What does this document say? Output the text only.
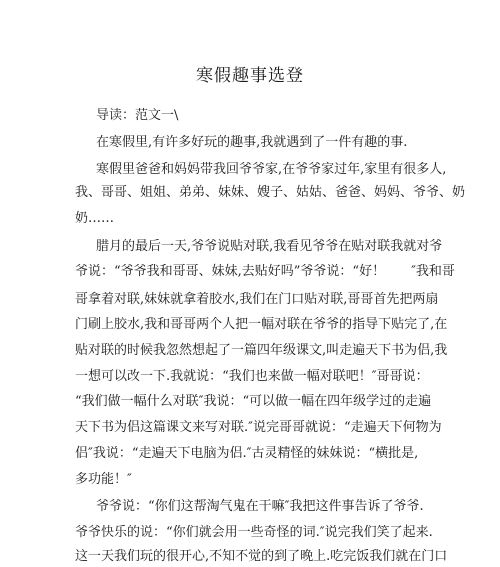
寒假趣事选登
导读：范文一\
在寒假里,有许多好玩的趣事,我就遇到了一件有趣的事.
寒假里爸爸和妈妈带我回爷爷家,在爷爷家过年,家里有很多人,
我、哥哥、姐姐、弟弟、妹妹、嫂子、姑姑、爸爸、妈妈、爷爷、奶
奶……
腊月的最后一天,爷爷说贴对联,我看见爷爷在贴对联我就对爷
爷说：“爷爷我和哥哥、妹妹,去贴好吗”爷爷说：“好！　　″我和哥
哥拿着对联,妹妹就拿着胶水,我们在门口贴对联,哥哥首先把两扇
门刷上胶水,我和哥哥两个人把一幅对联在爷爷的指导下贴完了,在
贴对联的时候我忽然想起了一篇四年级课文,叫走遍天下书为侣,我
一想可以改一下.我就说：“我们也来做一幅对联吧！″哥哥说：
“我们做一幅什么对联″我说：“可以做一幅在四年级学过的走遍
天下书为侣这篇课文来写对联.″说完哥哥就说：“走遍天下何物为
侣″我说：“走遍天下电脑为侣.″古灵精怪的妹妹说：“横批是,
多功能！″
爷爷说：“你们这帮淘气鬼在干嘛″我把这件事告诉了爷爷.
爷爷快乐的说：“你们就会用一些奇怪的词.″说完我们笑了起来.
这一天我们玩的很开心,不知不觉的到了晚上.吃完饭我们就在门口
